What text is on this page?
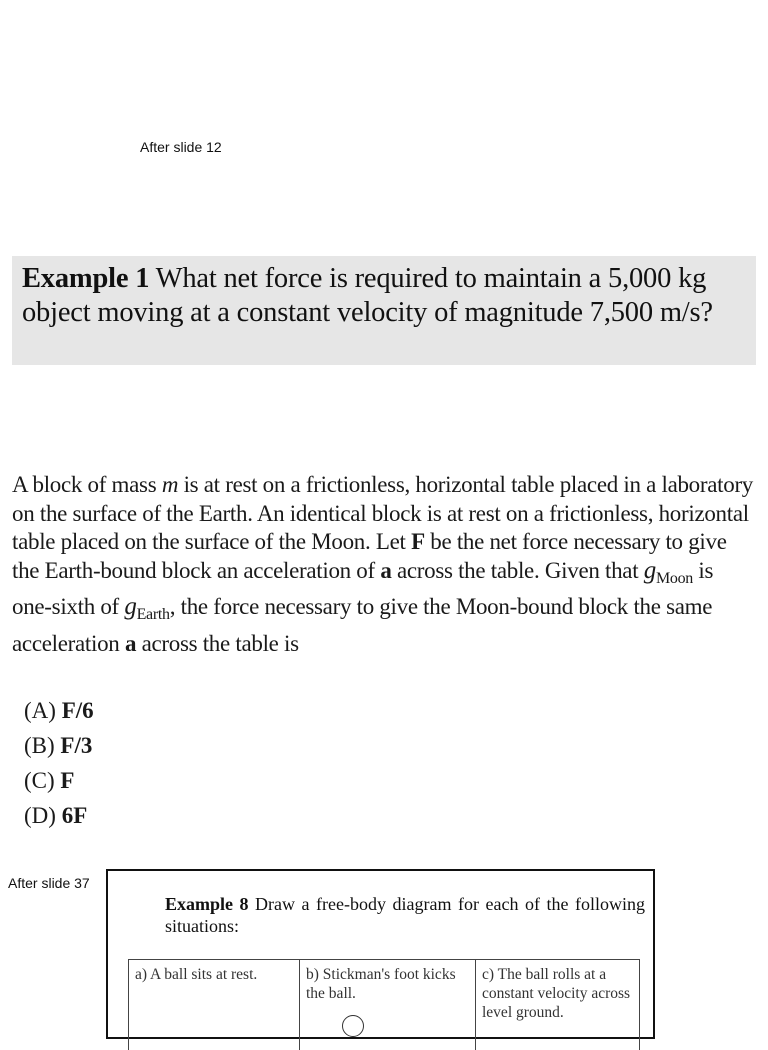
After slide 12
Example 1 What net force is required to maintain a 5,000 kg object moving at a constant velocity of magnitude 7,500 m/s?

A block of mass m is at rest on a frictionless, horizontal table placed in a laboratory on the surface of the Earth. An identical block is at rest on a frictionless, horizontal table placed on the surface of the Moon. Let F be the net force necessary to give the Earth-bound block an acceleration of a across the table. Given that $g_{Moon}$ is one-sixth of $g_{Earth}$, the force necessary to give the Moon-bound block the same acceleration a across the table is

(A) F/6
(B) F/3
(C) F
(D) 6F
After slide 37
Example 8 Draw a free-body diagram for each of the following situations:
a) A ball sits at rest.	b) Stickman's foot kicks the ball.
c) The ball rolls at a constant velocity across level ground.
